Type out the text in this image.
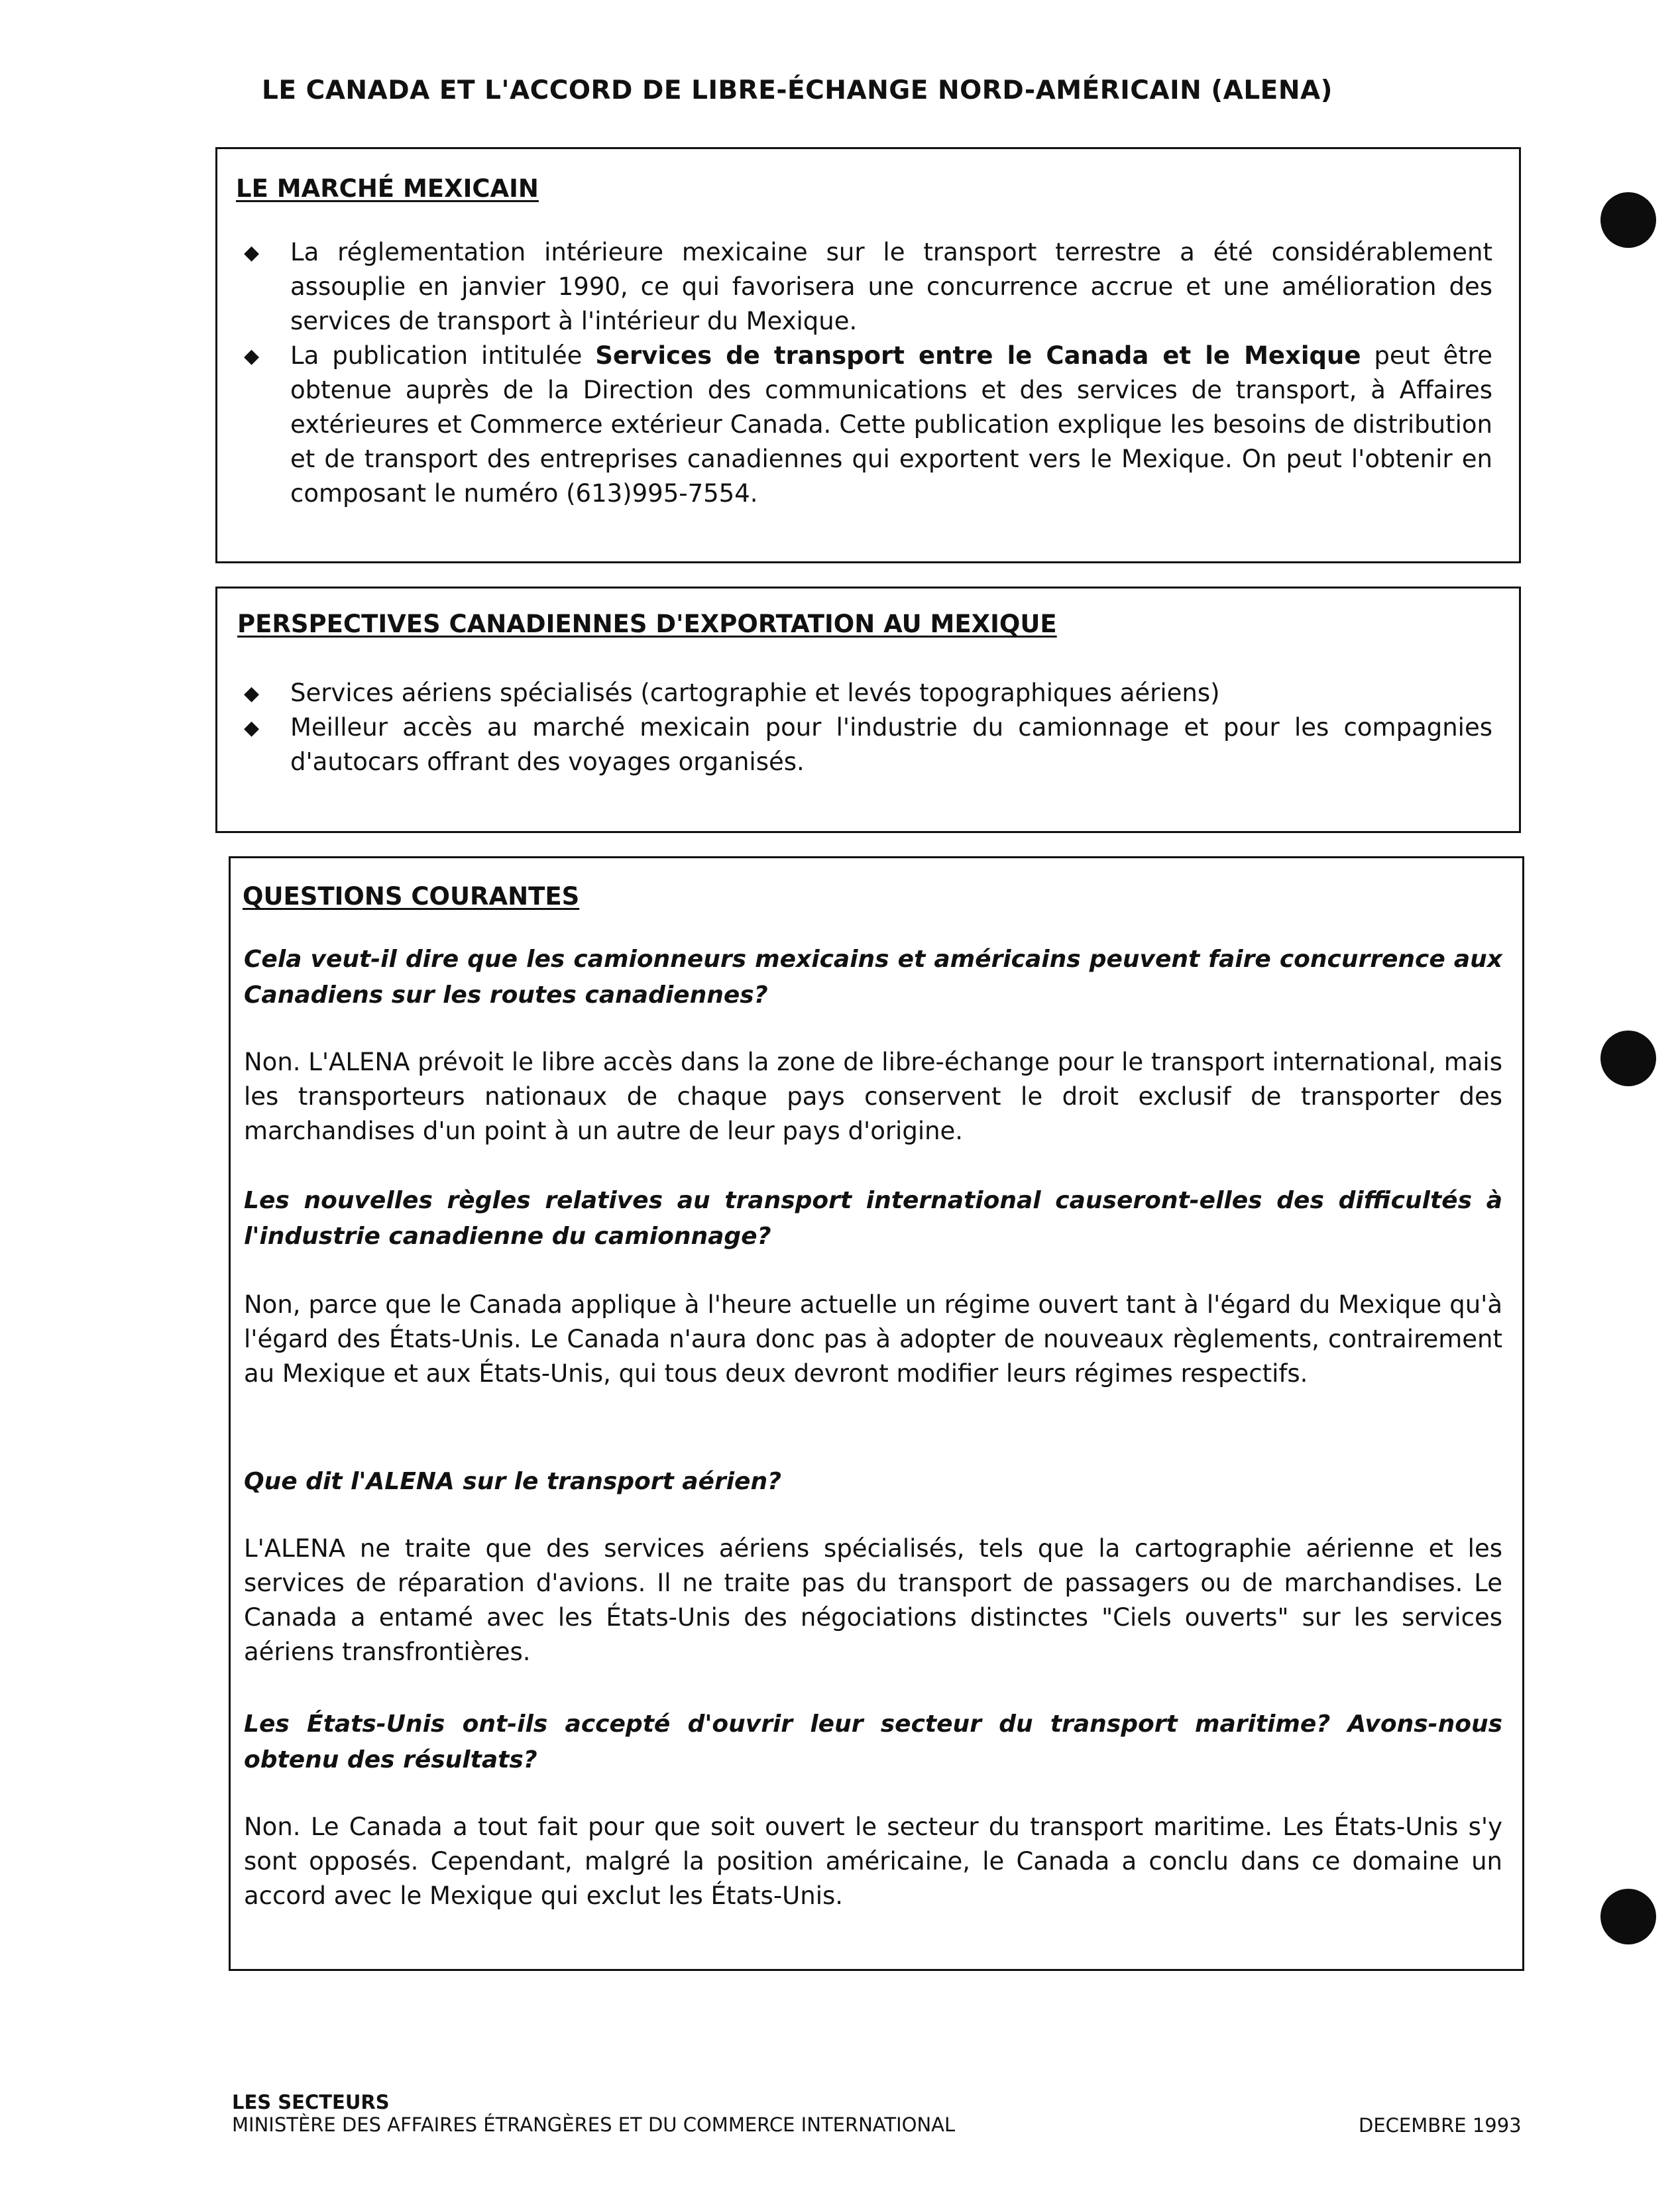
LE CANADA ET L'ACCORD DE LIBRE-ÉCHANGE NORD-AMÉRICAIN (ALENA)
LE MARCHÉ MEXICAIN
◆ La réglementation intérieure mexicaine sur le transport terrestre a été considérablement assouplie en janvier 1990, ce qui favorisera une concurrence accrue et une amélioration des services de transport à l'intérieur du Mexique.
◆ La publication intitulée Services de transport entre le Canada et le Mexique peut être obtenue auprès de la Direction des communications et des services de transport, à Affaires extérieures et Commerce extérieur Canada. Cette publication explique les besoins de distribution et de transport des entreprises canadiennes qui exportent vers le Mexique. On peut l'obtenir en composant le numéro (613)995-7554.
PERSPECTIVES CANADIENNES D'EXPORTATION AU MEXIQUE
◆ Services aériens spécialisés (cartographie et levés topographiques aériens)
◆ Meilleur accès au marché mexicain pour l'industrie du camionnage et pour les compagnies d'autocars offrant des voyages organisés.
QUESTIONS COURANTES
Cela veut-il dire que les camionneurs mexicains et américains peuvent faire concurrence aux Canadiens sur les routes canadiennes?
Non. L'ALENA prévoit le libre accès dans la zone de libre-échange pour le transport international, mais les transporteurs nationaux de chaque pays conservent le droit exclusif de transporter des marchandises d'un point à un autre de leur pays d'origine.
Les nouvelles règles relatives au transport international causeront-elles des difficultés à l'industrie canadienne du camionnage?
Non, parce que le Canada applique à l'heure actuelle un régime ouvert tant à l'égard du Mexique qu'à l'égard des États-Unis. Le Canada n'aura donc pas à adopter de nouveaux règlements, contrairement au Mexique et aux États-Unis, qui tous deux devront modifier leurs régimes respectifs.
Que dit l'ALENA sur le transport aérien?
L'ALENA ne traite que des services aériens spécialisés, tels que la cartographie aérienne et les services de réparation d'avions. Il ne traite pas du transport de passagers ou de marchandises. Le Canada a entamé avec les États-Unis des négociations distinctes "Ciels ouverts" sur les services aériens transfrontières.
Les États-Unis ont-ils accepté d'ouvrir leur secteur du transport maritime? Avons-nous obtenu des résultats?
Non. Le Canada a tout fait pour que soit ouvert le secteur du transport maritime. Les États-Unis s'y sont opposés. Cependant, malgré la position américaine, le Canada a conclu dans ce domaine un accord avec le Mexique qui exclut les États-Unis.
LES SECTEURS
MINISTÈRE DES AFFAIRES ÉTRANGÈRES ET DU COMMERCE INTERNATIONAL	DECEMBRE 1993
